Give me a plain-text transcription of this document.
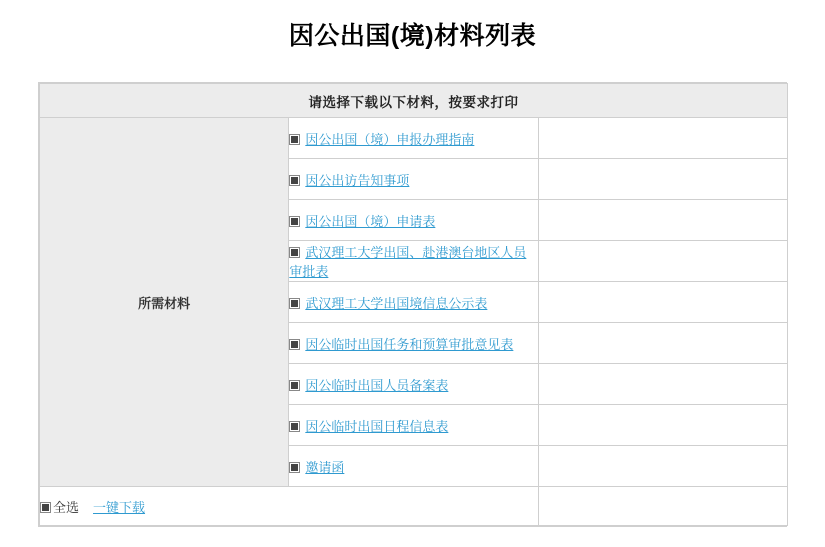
因公出国(境)材料列表
请选择下载以下材料，按要求打印		
所需材料	因公出国（境）申报办理指南	
	因公出访告知事项	
	因公出国（境）申请表	
	武汉理工大学出国、赴港澳台地区人员审批表	
	武汉理工大学出国境信息公示表	
	因公临时出国任务和预算审批意见表	
	因公临时出国人员备案表	
	因公临时出国日程信息表	
	邀请函	
全选 一键下载		
